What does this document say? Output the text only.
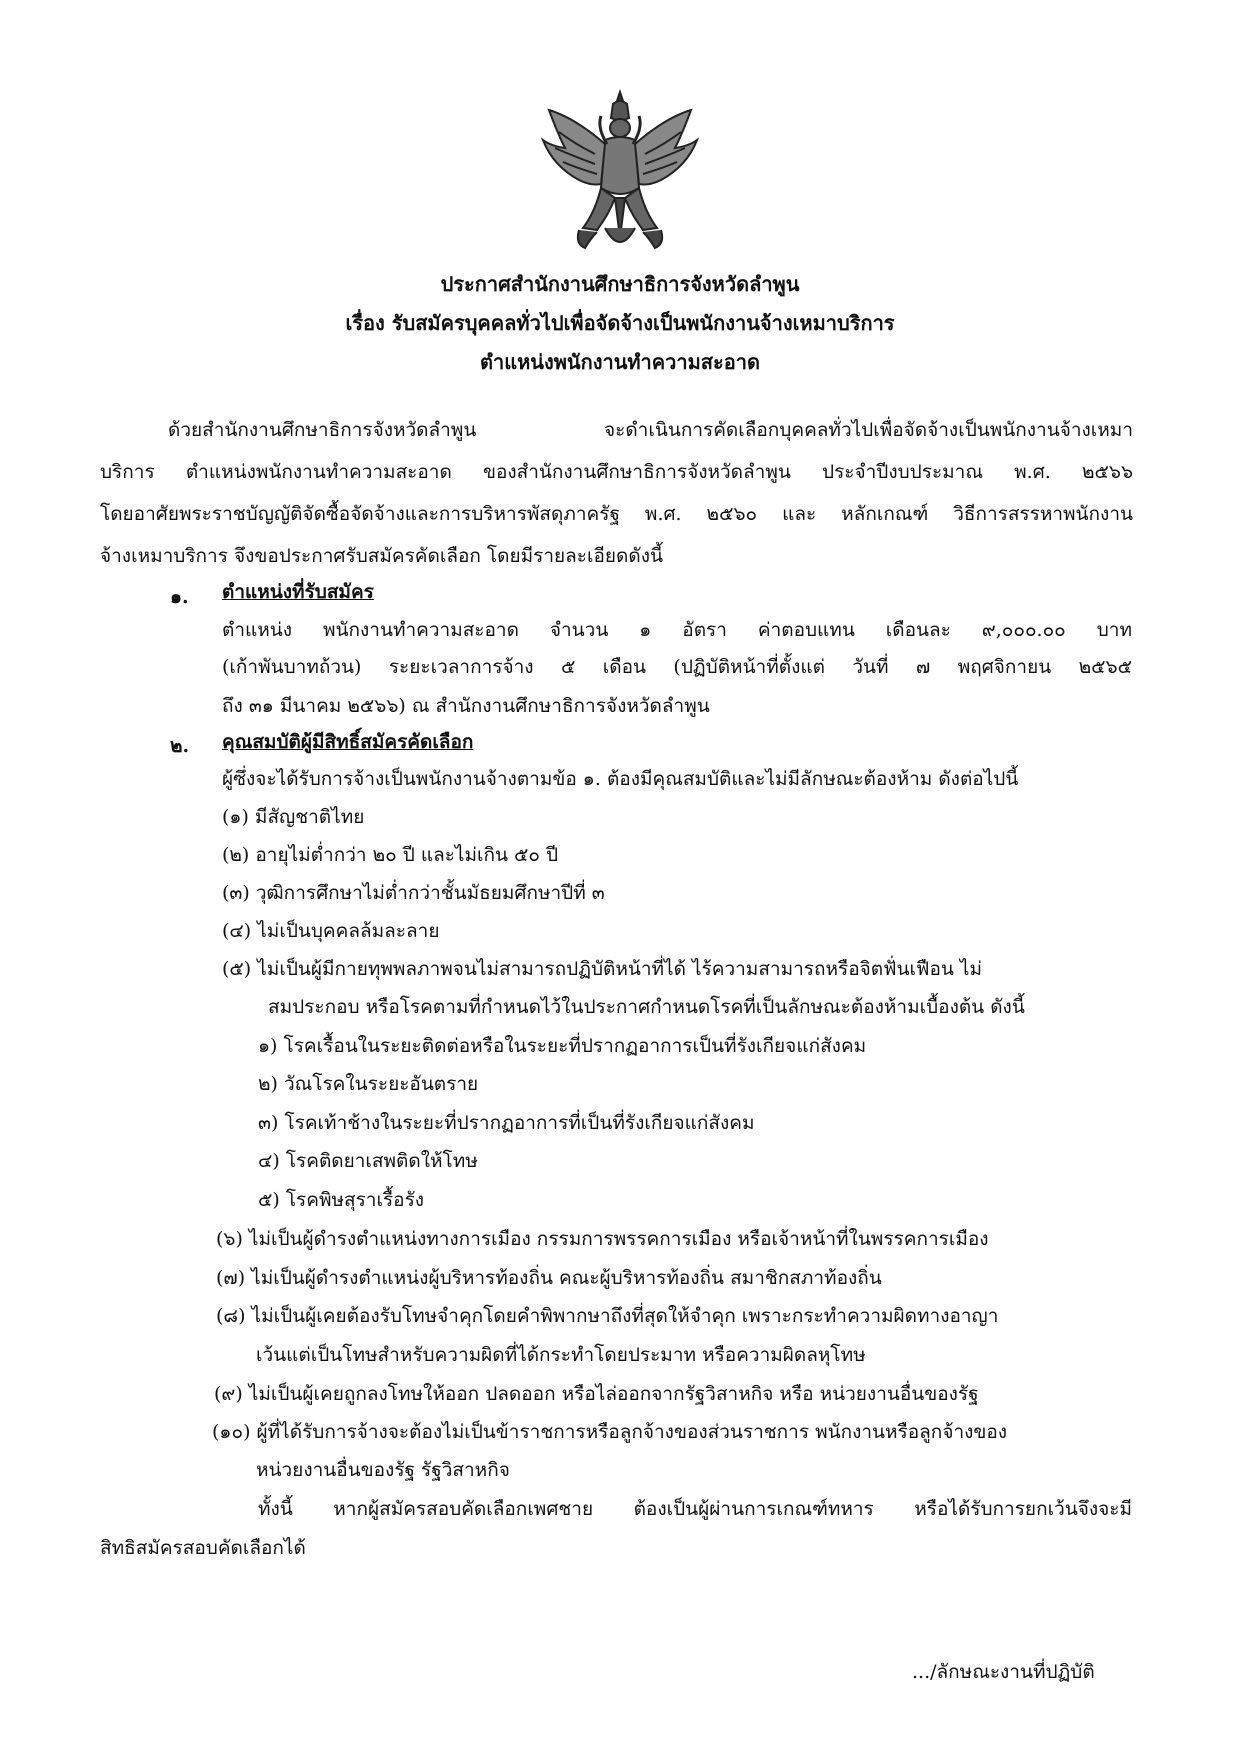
ประกาศสำนักงานศึกษาธิการจังหวัดลำพูน
เรื่อง รับสมัครบุคคลทั่วไปเพื่อจัดจ้างเป็นพนักงานจ้างเหมาบริการ
ตำแหน่งพนักงานทำความสะอาด
ด้วยสำนักงานศึกษาธิการจังหวัดลำพูน จะดำเนินการคัดเลือกบุคคลทั่วไปเพื่อจัดจ้างเป็นพนักงานจ้างเหมา
บริการ ตำแหน่งพนักงานทำความสะอาด ของสำนักงานศึกษาธิการจังหวัดลำพูน ประจำปีงบประมาณ พ.ศ. ๒๕๖๖
โดยอาศัยพระราชบัญญัติจัดซื้อจัดจ้างและการบริหารพัสดุภาครัฐ พ.ศ. ๒๕๖๐ และ หลักเกณฑ์ วิธีการสรรหาพนักงาน
จ้างเหมาบริการ จึงขอประกาศรับสมัครคัดเลือก โดยมีรายละเอียดดังนี้
๑. ตำแหน่งที่รับสมัคร
ตำแหน่ง พนักงานทำความสะอาด จำนวน ๑ อัตรา ค่าตอบแทน เดือนละ ๙,๐๐๐.๐๐ บาท
(เก้าพันบาทถ้วน) ระยะเวลาการจ้าง ๕ เดือน (ปฏิบัติหน้าที่ตั้งแต่ วันที่ ๗ พฤศจิกายน ๒๕๖๕
ถึง ๓๑ มีนาคม ๒๕๖๖) ณ สำนักงานศึกษาธิการจังหวัดลำพูน
๒. คุณสมบัติผู้มีสิทธิ์สมัครคัดเลือก
ผู้ซึ่งจะได้รับการจ้างเป็นพนักงานจ้างตามข้อ ๑. ต้องมีคุณสมบัติและไม่มีลักษณะต้องห้าม ดังต่อไปนี้
(๑) มีสัญชาติไทย
(๒) อายุไม่ต่ำกว่า ๒๐ ปี และไม่เกิน ๕๐ ปี
(๓) วุฒิการศึกษาไม่ต่ำกว่าชั้นมัธยมศึกษาปีที่ ๓
(๔) ไม่เป็นบุคคลล้มละลาย
(๕) ไม่เป็นผู้มีกายทุพพลภาพจนไม่สามารถปฏิบัติหน้าที่ได้ ไร้ความสามารถหรือจิตฟั่นเฟือน ไม่
สมประกอบ หรือโรคตามที่กำหนดไว้ในประกาศกำหนดโรคที่เป็นลักษณะต้องห้ามเบื้องต้น ดังนี้
๑) โรคเรื้อนในระยะติดต่อหรือในระยะที่ปรากฏอาการเป็นที่รังเกียจแก่สังคม
๒) วัณโรคในระยะอันตราย
๓) โรคเท้าช้างในระยะที่ปรากฏอาการที่เป็นที่รังเกียจแก่สังคม
๔) โรคติดยาเสพติดให้โทษ
๕) โรคพิษสุราเรื้อรัง
(๖) ไม่เป็นผู้ดำรงตำแหน่งทางการเมือง กรรมการพรรคการเมือง หรือเจ้าหน้าที่ในพรรคการเมือง
(๗) ไม่เป็นผู้ดำรงตำแหน่งผู้บริหารท้องถิ่น คณะผู้บริหารท้องถิ่น สมาชิกสภาท้องถิ่น
(๘) ไม่เป็นผู้เคยต้องรับโทษจำคุกโดยคำพิพากษาถึงที่สุดให้จำคุก เพราะกระทำความผิดทางอาญา
เว้นแต่เป็นโทษสำหรับความผิดที่ได้กระทำโดยประมาท หรือความผิดลหุโทษ
(๙) ไม่เป็นผู้เคยถูกลงโทษให้ออก ปลดออก หรือไล่ออกจากรัฐวิสาหกิจ หรือ หน่วยงานอื่นของรัฐ
(๑๐) ผู้ที่ได้รับการจ้างจะต้องไม่เป็นข้าราชการหรือลูกจ้างของส่วนราชการ พนักงานหรือลูกจ้างของ
หน่วยงานอื่นของรัฐ รัฐวิสาหกิจ
ทั้งนี้ หากผู้สมัครสอบคัดเลือกเพศชาย ต้องเป็นผู้ผ่านการเกณฑ์ทหาร หรือได้รับการยกเว้นจึงจะมี
สิทธิสมัครสอบคัดเลือกได้
.../ลักษณะงานที่ปฏิบัติ
